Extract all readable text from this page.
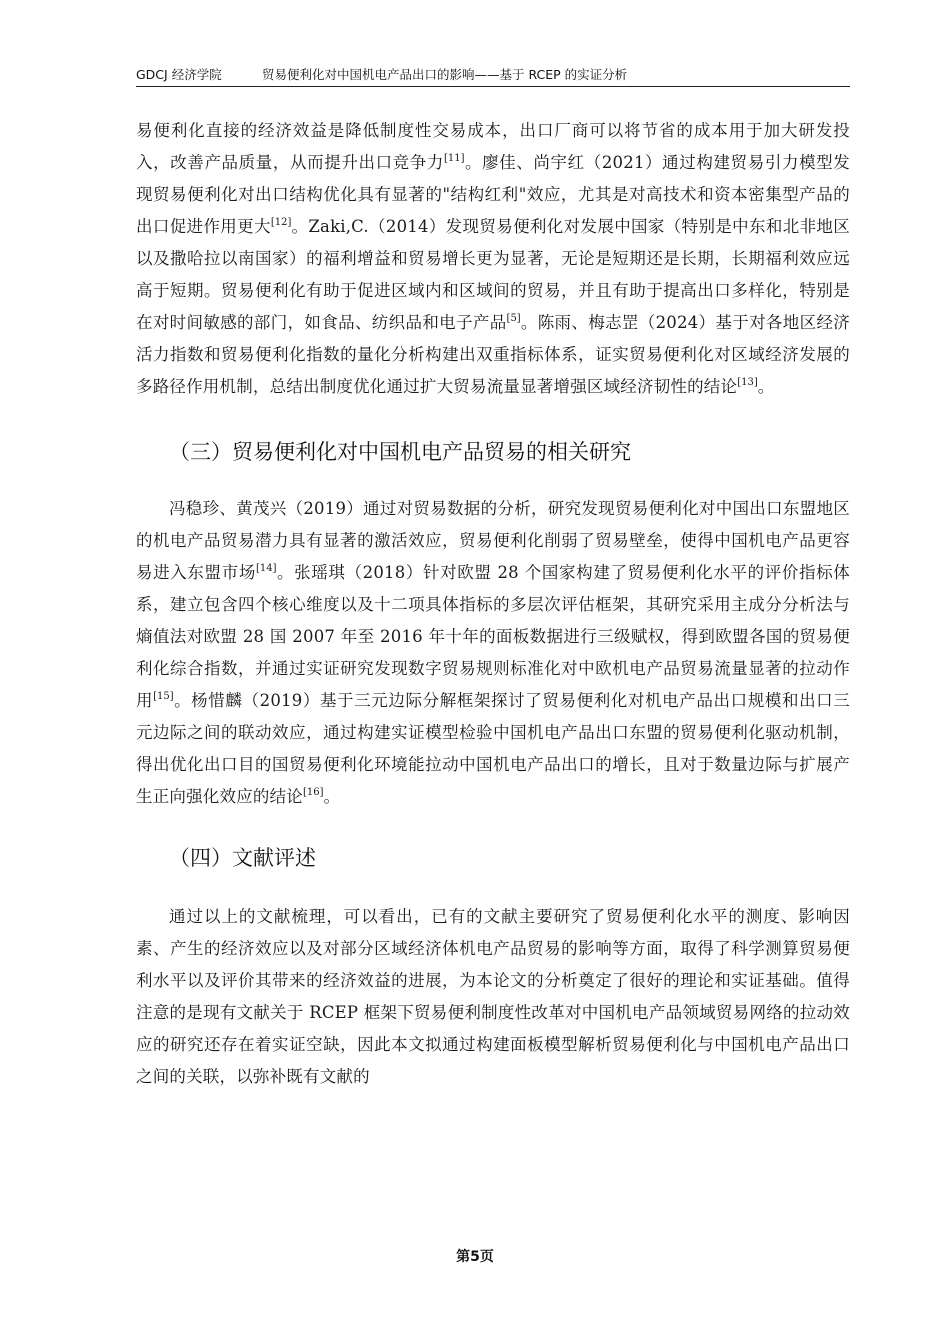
GDCJ 经济学院	贸易便利化对中国机电产品出口的影响——基于 RCEP 的实证分析

易便利化直接的经济效益是降低制度性交易成本，出口厂商可以将节省的成本用于加大研发投入，改善产品质量，从而提升出口竞争力[11]。廖佳、尚宇红（2021）通过构建贸易引力模型发现贸易便利化对出口结构优化具有显著的"结构红利"效应，尤其是对高技术和资本密集型产品的出口促进作用更大[12]。Zaki,C.（2014）发现贸易便利化对发展中国家（特别是中东和北非地区以及撒哈拉以南国家）的福利增益和贸易增长更为显著，无论是短期还是长期，长期福利效应远高于短期。贸易便利化有助于促进区域内和区域间的贸易，并且有助于提高出口多样化，特别是在对时间敏感的部门，如食品、纺织品和电子产品[5]。陈雨、梅志罡（2024）基于对各地区经济活力指数和贸易便利化指数的量化分析构建出双重指标体系，证实贸易便利化对区域经济发展的多路径作用机制，总结出制度优化通过扩大贸易流量显著增强区域经济韧性的结论[13]。

（三）贸易便利化对中国机电产品贸易的相关研究

冯稳珍、黄茂兴（2019）通过对贸易数据的分析，研究发现贸易便利化对中国出口东盟地区的机电产品贸易潜力具有显著的激活效应，贸易便利化削弱了贸易壁垒，使得中国机电产品更容易进入东盟市场[14]。张瑶琪（2018）针对欧盟 28 个国家构建了贸易便利化水平的评价指标体系，建立包含四个核心维度以及十二项具体指标的多层次评估框架，其研究采用主成分分析法与熵值法对欧盟 28 国 2007 年至 2016 年十年的面板数据进行三级赋权，得到欧盟各国的贸易便利化综合指数，并通过实证研究发现数字贸易规则标准化对中欧机电产品贸易流量显著的拉动作用[15]。杨惜麟（2019）基于三元边际分解框架探讨了贸易便利化对机电产品出口规模和出口三元边际之间的联动效应，通过构建实证模型检验中国机电产品出口东盟的贸易便利化驱动机制，得出优化出口目的国贸易便利化环境能拉动中国机电产品出口的增长，且对于数量边际与扩展产生正向强化效应的结论[16]。

（四）文献评述

通过以上的文献梳理，可以看出，已有的文献主要研究了贸易便利化水平的测度、影响因素、产生的经济效应以及对部分区域经济体机电产品贸易的影响等方面，取得了科学测算贸易便利水平以及评价其带来的经济效益的进展，为本论文的分析奠定了很好的理论和实证基础。值得注意的是现有文献关于 RCEP 框架下贸易便利制度性改革对中国机电产品领域贸易网络的拉动效应的研究还存在着实证空缺，因此本文拟通过构建面板模型解析贸易便利化与中国机电产品出口之间的关联，以弥补既有文献的

第5页
